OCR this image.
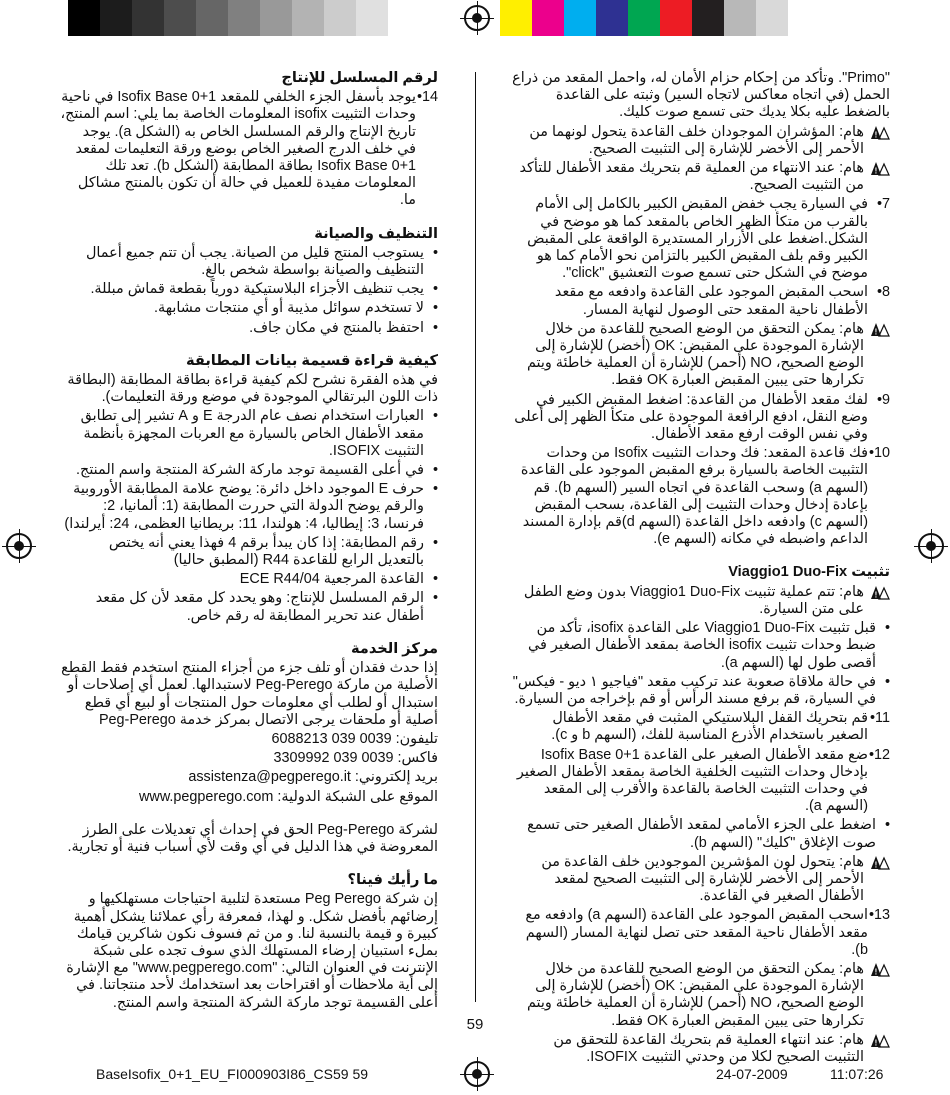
"Primo". وتأكد من إحكام حزام الأمان له، واحمل المقعد من ذراع الحمل (في اتجاه معاكس لاتجاه السير) وثبته على القاعدة بالضغط عليه بكلا يديك حتى تسمع صوت كليك.
!
هام: المؤشران الموجودان خلف القاعدة يتحول لونهما من الأحمر إلى الأخضر للإشارة إلى التثبيت الصحيح.
!
هام: عند الانتهاء من العملية قم بتحريك مقعد الأطفال للتأكد من التثبيت الصحيح.
7•
في السيارة يجب خفض المقبض الكبير بالكامل إلى الأمام بالقرب من متكأ الظهر الخاص بالمقعد كما هو موضح في الشكل.اضغط على الأزرار المستديرة الواقعة على المقبض الكبير وقم بلف المقبض الكبير بالتزامن نحو الأمام كما هو موضح في الشكل حتى تسمع صوت التعشيق "click".
8•
اسحب المقبض الموجود على القاعدة وادفعه مع مقعد الأطفال ناحية المقعد حتى الوصول لنهاية المسار.
!
هام: يمكن التحقق من الوضع الصحيح للقاعدة من خلال الإشارة الموجودة على المقبض: OK (أخضر) للإشارة إلى الوضع الصحيح، NO (أحمر) للإشارة أن العملية خاطئة ويتم تكرارها حتى يبين المقبض العبارة OK فقط.
9•
لفك مقعد الأطفال من القاعدة: اضغط المقبض الكبير في وضع النقل، ادفع الرافعة الموجودة على متكأ الظهر إلى أعلى وفي نفس الوقت ارفع مقعد الأطفال.
10•
فك قاعدة المقعد: فك وحدات التثبيت Isofix من وحدات التثبيت الخاصة بالسيارة برفع المقبض الموجود على القاعدة (السهم a) وسحب القاعدة في اتجاه السير (السهم b). قم بإعادة إدخال وحدات التثبيت إلى القاعدة، بسحب المقبض (السهم c) وادفعه داخل القاعدة (السهم d)قم بإدارة المسند الداعم واضبطه في مكانه (السهم e).
تثبيت Viaggio1 Duo-Fix
!
هام: تتم عملية تثبيت Viaggio1 Duo-Fix بدون وضع الطفل على متن السيارة.
• قبل تثبيت Viaggio1 Duo-Fix على القاعدة isofix، تأكد من ضبط وحدات تثبيت isofix الخاصة بمقعد الأطفال الصغير في أقصى طول لها (السهم a).
• في حالة ملاقاة صعوبة عند تركيب مقعد "فياجيو ١ ديو - فيكس" في السيارة، قم برفع مسند الرأس أو قم بإخراجه من السيارة.
11•
قم بتحريك القفل البلاستيكي المثبت في مقعد الأطفال الصغير باستخدام الأذرع المناسبة للفك، (السهم b و c).
12•
ضع مقعد الأطفال الصغير على القاعدة Isofix Base 0+1 بإدخال وحدات التثبيت الخلفية الخاصة بمقعد الأطفال الصغير في وحدات التثبيت الخاصة بالقاعدة والأقرب إلى المقعد (السهم a).
• اضغط على الجزء الأمامي لمقعد الأطفال الصغير حتى تسمع صوت الإغلاق "كليك" (السهم b).
!
هام: يتحول لون المؤشرين الموجودين خلف القاعدة من الأحمر إلى الأخضر للإشارة إلى التثبيت الصحيح لمقعد الأطفال الصغير في القاعدة.
13•
اسحب المقبض الموجود على القاعدة (السهم a) وادفعه مع مقعد الأطفال ناحية المقعد حتى تصل لنهاية المسار (السهم b).
!
هام: يمكن التحقق من الوضع الصحيح للقاعدة من خلال الإشارة الموجودة على المقبض: OK (أخضر) للإشارة إلى الوضع الصحيح، NO (أحمر) للإشارة أن العملية خاطئة ويتم تكرارها حتى يبين المقبض العبارة OK فقط.
!
هام: عند انتهاء العملية قم بتحريك القاعدة للتحقق من التثبيت الصحيح لكلا من وحدتي التثبيت ISOFIX.
لرقم المسلسل للإنتاج
14•
يوجد بأسفل الجزء الخلفي للمقعد Isofix Base 0+1 في ناحية وحدات التثبيت isofix المعلومات الخاصة بما يلي: اسم المنتج، تاريخ الإنتاج والرقم المسلسل الخاص به (الشكل a). يوجد في خلف الدرج الصغير الخاص بوضع ورقة التعليمات لمقعد Isofix Base 0+1 بطاقة المطابقة (الشكل b). تعد تلك المعلومات مفيدة للعميل في حالة أن تكون بالمنتج مشاكل ما.
التنظيف والصيانة
• يستوجب المنتج قليل من الصيانة. يجب أن تتم جميع أعمال التنظيف والصيانة بواسطة شخص بالغ.
• يجب تنظيف الأجزاء البلاستيكية دورياً بقطعة قماش مبللة.
• لا تستخدم سوائل مذيبة أو أي منتجات مشابهة.
• احتفظ بالمنتج في مكان جاف.
كيفية قراءة قسيمة بيانات المطابقة
في هذه الفقرة نشرح لكم كيفية قراءة بطاقة المطابقة (البطاقة ذات اللون البرتقالي الموجودة في موضع ورقة التعليمات).
• العبارات استخدام نصف عام الدرجة E و A تشير إلى تطابق مقعد الأطفال الخاص بالسيارة مع العربات المجهزة بأنظمة التثبيت ISOFIX.
• في أعلى القسيمة توجد ماركة الشركة المنتجة واسم المنتج.
• حرف E الموجود داخل دائرة: يوضح علامة المطابقة الأوروبية والرقم يوضح الدولة التي حررت المطابقة (1: ألمانيا، 2: فرنسا، 3: إيطاليا، 4: هولندا، 11: بريطانيا العظمى، 24: أيرلندا)
• رقم المطابقة: إذا كان يبدأ برقم 4 فهذا يعني أنه يختص بالتعديل الرابع للقاعدة R44 (المطبق حاليا)
• القاعدة المرجعية ECE R44/04
• الرقم المسلسل للإنتاج: وهو يحدد كل مقعد لأن كل مقعد أطفال عند تحرير المطابقة له رقم خاص.
مركز الخدمة
إذا حدث فقدان أو تلف جزء من أجزاء المنتج استخدم فقط القطع الأصلية من ماركة Peg-Perego لاستبدالها. لعمل أي إصلاحات أو استبدال أو لطلب أي معلومات حول المنتجات أو لبيع أي قطع أصلية أو ملحقات يرجى الاتصال بمركز خدمة Peg-Perego
تليفون: 0039 039 6088213
فاكس: 0039 039 3309992
بريد إلكتروني: assistenza@pegperego.it
الموقع على الشبكة الدولية: www.pegperego.com
لشركة Peg-Perego الحق في إحداث أي تعديلات على الطرز المعروضة في هذا الدليل في أي وقت لأي أسباب فنية أو تجارية.
ما رأيك فينا؟
إن شركة Peg Perego مستعدة لتلبية احتياجات مستهلكيها و إرضائهم بأفضل شكل. و لهذا، فمعرفة رأي عملائنا يشكل أهمية كبيرة و قيمة بالنسبة لنا. و من ثم فسوف نكون شاكرين قيامك بملء استبيان إرضاء المستهلك الذي سوف تجده على شبكة الإنترنت في العنوان التالي: "www.pegperego.com" مع الإشارة إلى أية ملاحظات أو اقتراحات بعد استخدامك لأحد منتجاتنا. في أعلى القسيمة توجد ماركة الشركة المنتجة واسم المنتج.
59
BaseIsofix_0+1_EU_FI000903I86_CS59 59	24-07-2009	11:07:26
